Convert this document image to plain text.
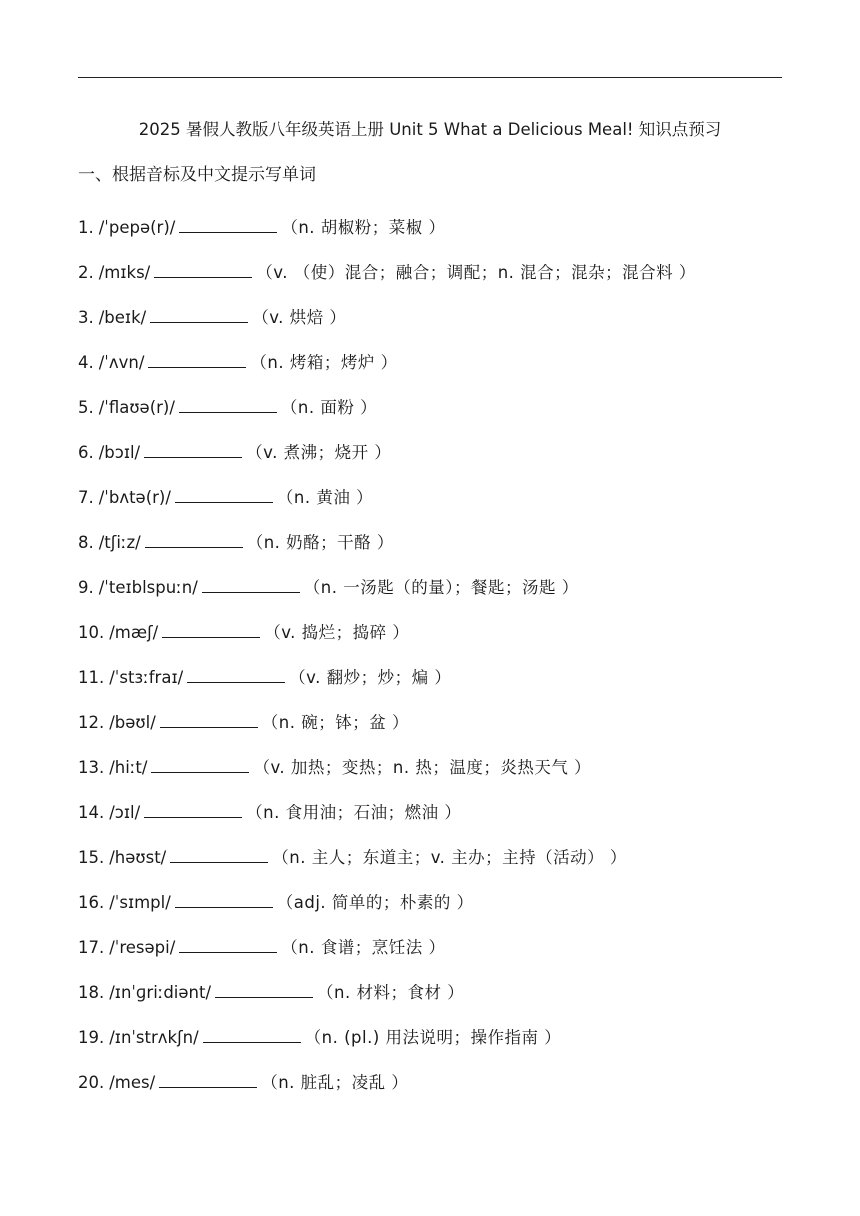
2025 暑假人教版八年级英语上册 Unit 5 What a Delicious Meal! 知识点预习
一、根据音标及中文提示写单词
1. /ˈpepə(r)/	（n. 胡椒粉；菜椒 ）
2. /mɪks/	（v. （使）混合；融合；调配；n. 混合；混杂；混合料 ）
3. /beɪk/	（v. 烘焙 ）
4. /ˈʌvn/	（n. 烤箱；烤炉 ）
5. /ˈflaʊə(r)/	（n. 面粉 ）
6. /bɔɪl/	（v. 煮沸；烧开 ）
7. /ˈbʌtə(r)/	（n. 黄油 ）
8. /tʃiːz/	（n. 奶酪；干酪 ）
9. /ˈteɪblspuːn/	（n. 一汤匙（的量）；餐匙；汤匙 ）
10. /mæʃ/	（v. 捣烂；捣碎 ）
11. /ˈstɜːfraɪ/	（v. 翻炒；炒；煸 ）
12. /bəʊl/	（n. 碗；钵；盆 ）
13. /hiːt/	（v. 加热；变热；n. 热；温度；炎热天气 ）
14. /ɔɪl/	（n. 食用油；石油；燃油 ）
15. /həʊst/	（n. 主人；东道主；v. 主办；主持（活动） ）
16. /ˈsɪmpl/	（adj. 简单的；朴素的 ）
17. /ˈresəpi/	（n. 食谱；烹饪法 ）
18. /ɪnˈɡriːdiənt/	（n. 材料；食材 ）
19. /ɪnˈstrʌkʃn/	（n. (pl.) 用法说明；操作指南 ）
20. /mes/	（n. 脏乱；凌乱 ）
